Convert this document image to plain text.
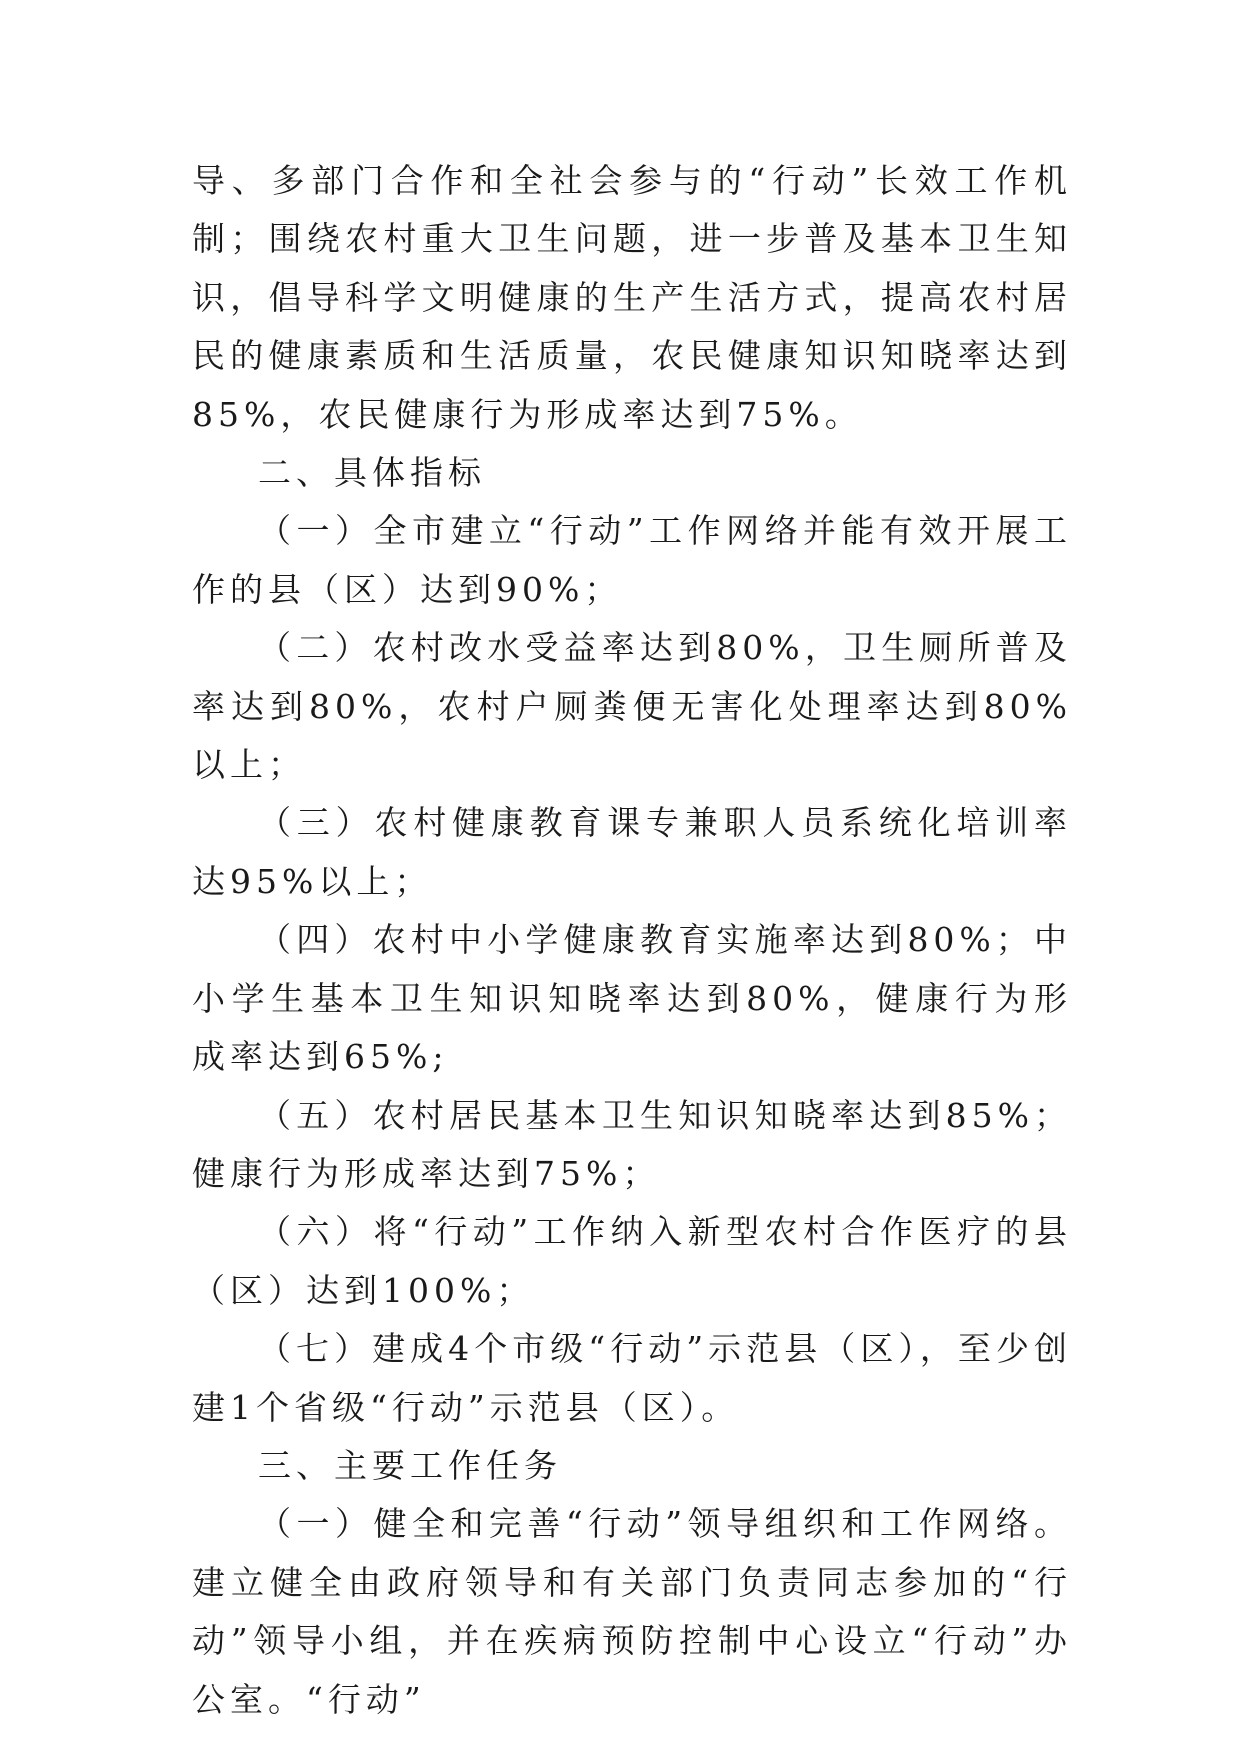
导、多部门合作和全社会参与的“行动”长效工作机制；围绕农村重大卫生问题，进一步普及基本卫生知识，倡导科学文明健康的生产生活方式，提高农村居民的健康素质和生活质量，农民健康知识知晓率达到85%，农民健康行为形成率达到75%。

二、具体指标

（一）全市建立“行动”工作网络并能有效开展工作的县（区）达到90%；

（二）农村改水受益率达到80%，卫生厕所普及率达到80%，农村户厕粪便无害化处理率达到80%以上；

（三）农村健康教育课专兼职人员系统化培训率达95%以上；

（四）农村中小学健康教育实施率达到80%；中小学生基本卫生知识知晓率达到80%，健康行为形成率达到65%;

（五）农村居民基本卫生知识知晓率达到85%；健康行为形成率达到75%；

（六）将“行动”工作纳入新型农村合作医疗的县（区）达到100%；

（七）建成4个市级“行动”示范县（区），至少创建1个省级“行动”示范县（区）。

三、主要工作任务

（一）健全和完善“行动”领导组织和工作网络。建立健全由政府领导和有关部门负责同志参加的“行动”领导小组，并在疾病预防控制中心设立“行动”办公室。“行动”
